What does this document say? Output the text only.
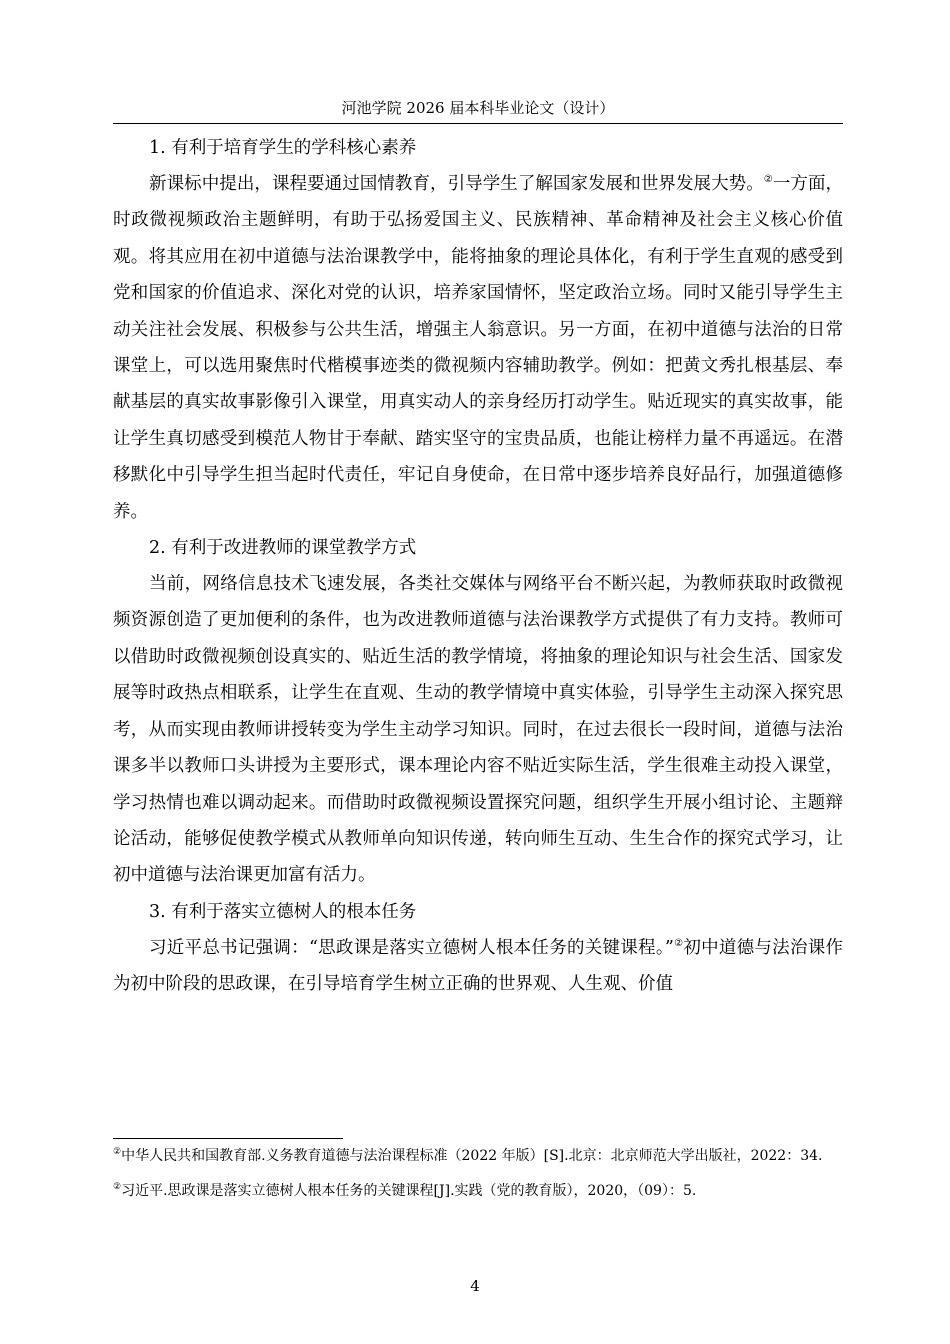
河池学院 2026 届本科毕业论文（设计）

1. 有利于培育学生的学科核心素养

新课标中提出，课程要通过国情教育，引导学生了解国家发展和世界发展大势。②一方面，时政微视频政治主题鲜明，有助于弘扬爱国主义、民族精神、革命精神及社会主义核心价值观。将其应用在初中道德与法治课教学中，能将抽象的理论具体化，有利于学生直观的感受到党和国家的价值追求、深化对党的认识，培养家国情怀，坚定政治立场。同时又能引导学生主动关注社会发展、积极参与公共生活，增强主人翁意识。另一方面，在初中道德与法治的日常课堂上，可以选用聚焦时代楷模事迹类的微视频内容辅助教学。例如：把黄文秀扎根基层、奉献基层的真实故事影像引入课堂，用真实动人的亲身经历打动学生。贴近现实的真实故事，能让学生真切感受到模范人物甘于奉献、踏实坚守的宝贵品质，也能让榜样力量不再遥远。在潜移默化中引导学生担当起时代责任，牢记自身使命，在日常中逐步培养良好品行，加强道德修养。

2. 有利于改进教师的课堂教学方式

当前，网络信息技术飞速发展，各类社交媒体与网络平台不断兴起，为教师获取时政微视频资源创造了更加便利的条件，也为改进教师道德与法治课教学方式提供了有力支持。教师可以借助时政微视频创设真实的、贴近生活的教学情境，将抽象的理论知识与社会生活、国家发展等时政热点相联系，让学生在直观、生动的教学情境中真实体验，引导学生主动深入探究思考，从而实现由教师讲授转变为学生主动学习知识。同时，在过去很长一段时间，道德与法治课多半以教师口头讲授为主要形式，课本理论内容不贴近实际生活，学生很难主动投入课堂，学习热情也难以调动起来。而借助时政微视频设置探究问题，组织学生开展小组讨论、主题辩论活动，能够促使教学模式从教师单向知识传递，转向师生互动、生生合作的探究式学习，让初中道德与法治课更加富有活力。

3. 有利于落实立德树人的根本任务

习近平总书记强调：“思政课是落实立德树人根本任务的关键课程。”②初中道德与法治课作为初中阶段的思政课，在引导培育学生树立正确的世界观、人生观、价值

②中华人民共和国教育部.义务教育道德与法治课程标准（2022 年版）[S].北京：北京师范大学出版社，2022：34.

②习近平.思政课是落实立德树人根本任务的关键课程[J].实践（党的教育版），2020，（09）：5.

4
